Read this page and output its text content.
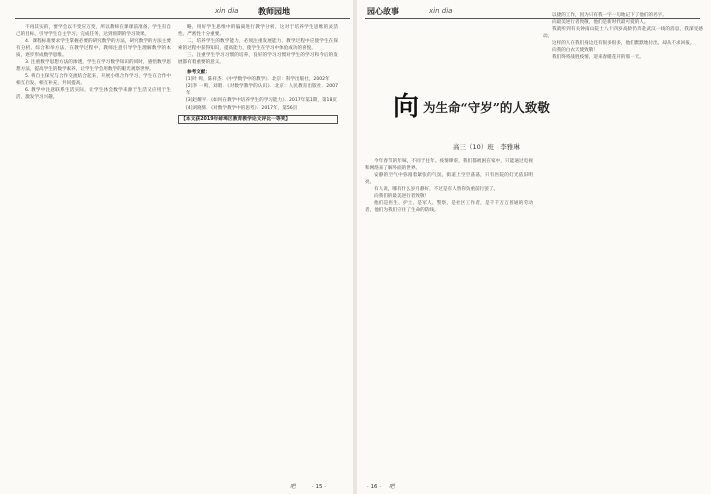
xin dia 教师园地

不再其实的，要学会以不变应万变，所以教师在课课前准备，学生有自己的目标，引导学生自主学习，完成任务，达到预期的学习效果。

4．课程标准要求学生掌握必要的研究数学的方法，研究数学的方法主要有分析、综合和举方法，在教学过程中，教师注意引导学生理解数学的本质，逐步形成数学思维。

3. 注重数学思想方法的渗透，学生在学习数学知识的同时，感悟数学思想方法，提高学生的数学素养，让学生学会用数学的眼光观察世界。

5. 将自主探究与合作交流结合起来，开展小组合作学习，学生在合作中相互启发、相互补充，共同提高。

6. 教学中注意联系生活实际，让学生体会数学来源于生活又应用于生活，激发学习兴趣。

略，用好学生思维中的偏离进行教学分析，这对于培养学生思维的灵活性、严密性十分重要。

二、培养学生的数学能力，必须注重发展能力，教学过程中应使学生在探索的过程中获得知识，提高能力，使学生在学习中体验成功的喜悦。

三、注重学生学习习惯的培养，良好的学习习惯对学生的学习和今后的发展都有着重要的意义。

参考文献：

[1]叶 鸣，陈祥杰．《中学数学中的教学》．北京：科学出版社，2002年

[2]李 一鸣，刘昭．《对数学教学的认识》．北京：人民教育出版社．2007年

[3]赵耀平．《如何在教学中培养学生的学习能力》．2017年第1期，第18页

[4]刘晓辉．《对数学教学中的思考》．2017年，第56页

【本文获2019年蚌埠区教育教学论文评比一等奖】

吧	· 15 ·
园心故事	xin dia
向 为生命“守岁”的人致敬
高三（10）班　李雅琳

今年春节的年味，不同于往年。疫情肆虐，我们都被困在家中，只能通过电视和网络来了解外面的世界。

安静的空气中弥漫着紧张的气氛，街道上空空荡荡，只有医院的灯光依旧明亮。

有人说，哪有什么岁月静好，不过是有人替你负重前行罢了。

向我们的最美逆行者致敬！

他们是医生、护士，是军人、警察，是社区工作者，是千千万万普通的劳动者，他们为我们守住了生命的防线。

以捷的工作，因为只有我一字一句地记下了他们的名字。

向最美逆行者致敬，他们是新时代最可爱的人。

我就听到有关钟南山院士八十四岁高龄仍奔赴武汉一线的消息，我深受感动。

这样的人在我们身边还有很多很多，他们默默地付出，却从不求回报。

向我的白衣天使致敬！

我们终将战胜疫情，迎来春暖花开的那一天。

· 16 · 吧
